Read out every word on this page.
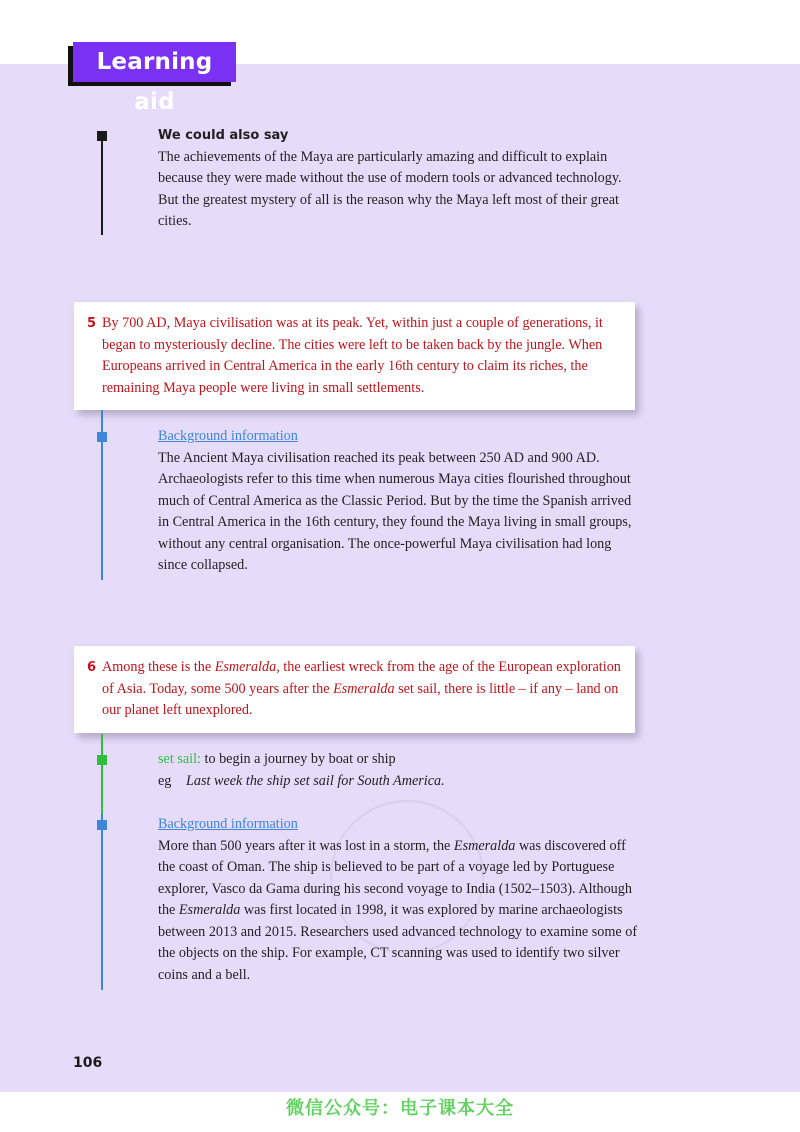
Learning aid
We could also say
The achievements of the Maya are particularly amazing and difficult to explain because they were made without the use of modern tools or advanced technology. But the greatest mystery of all is the reason why the Maya left most of their great cities.
5 By 700 AD, Maya civilisation was at its peak. Yet, within just a couple of generations, it began to mysteriously decline. The cities were left to be taken back by the jungle. When Europeans arrived in Central America in the early 16th century to claim its riches, the remaining Maya people were living in small settlements.
Background information
The Ancient Maya civilisation reached its peak between 250 AD and 900 AD. Archaeologists refer to this time when numerous Maya cities flourished throughout much of Central America as the Classic Period. But by the time the Spanish arrived in Central America in the 16th century, they found the Maya living in small groups, without any central organisation. The once-powerful Maya civilisation had long since collapsed.
6 Among these is the Esmeralda, the earliest wreck from the age of the European exploration of Asia. Today, some 500 years after the Esmeralda set sail, there is little – if any – land on our planet left unexplored.
set sail: to begin a journey by boat or ship
eg Last week the ship set sail for South America.
Background information
More than 500 years after it was lost in a storm, the Esmeralda was discovered off the coast of Oman. The ship is believed to be part of a voyage led by Portuguese explorer, Vasco da Gama during his second voyage to India (1502–1503). Although the Esmeralda was first located in 1998, it was explored by marine archaeologists between 2013 and 2015. Researchers used advanced technology to examine some of the objects on the ship. For example, CT scanning was used to identify two silver coins and a bell.
106
微信公众号：电子课本大全
